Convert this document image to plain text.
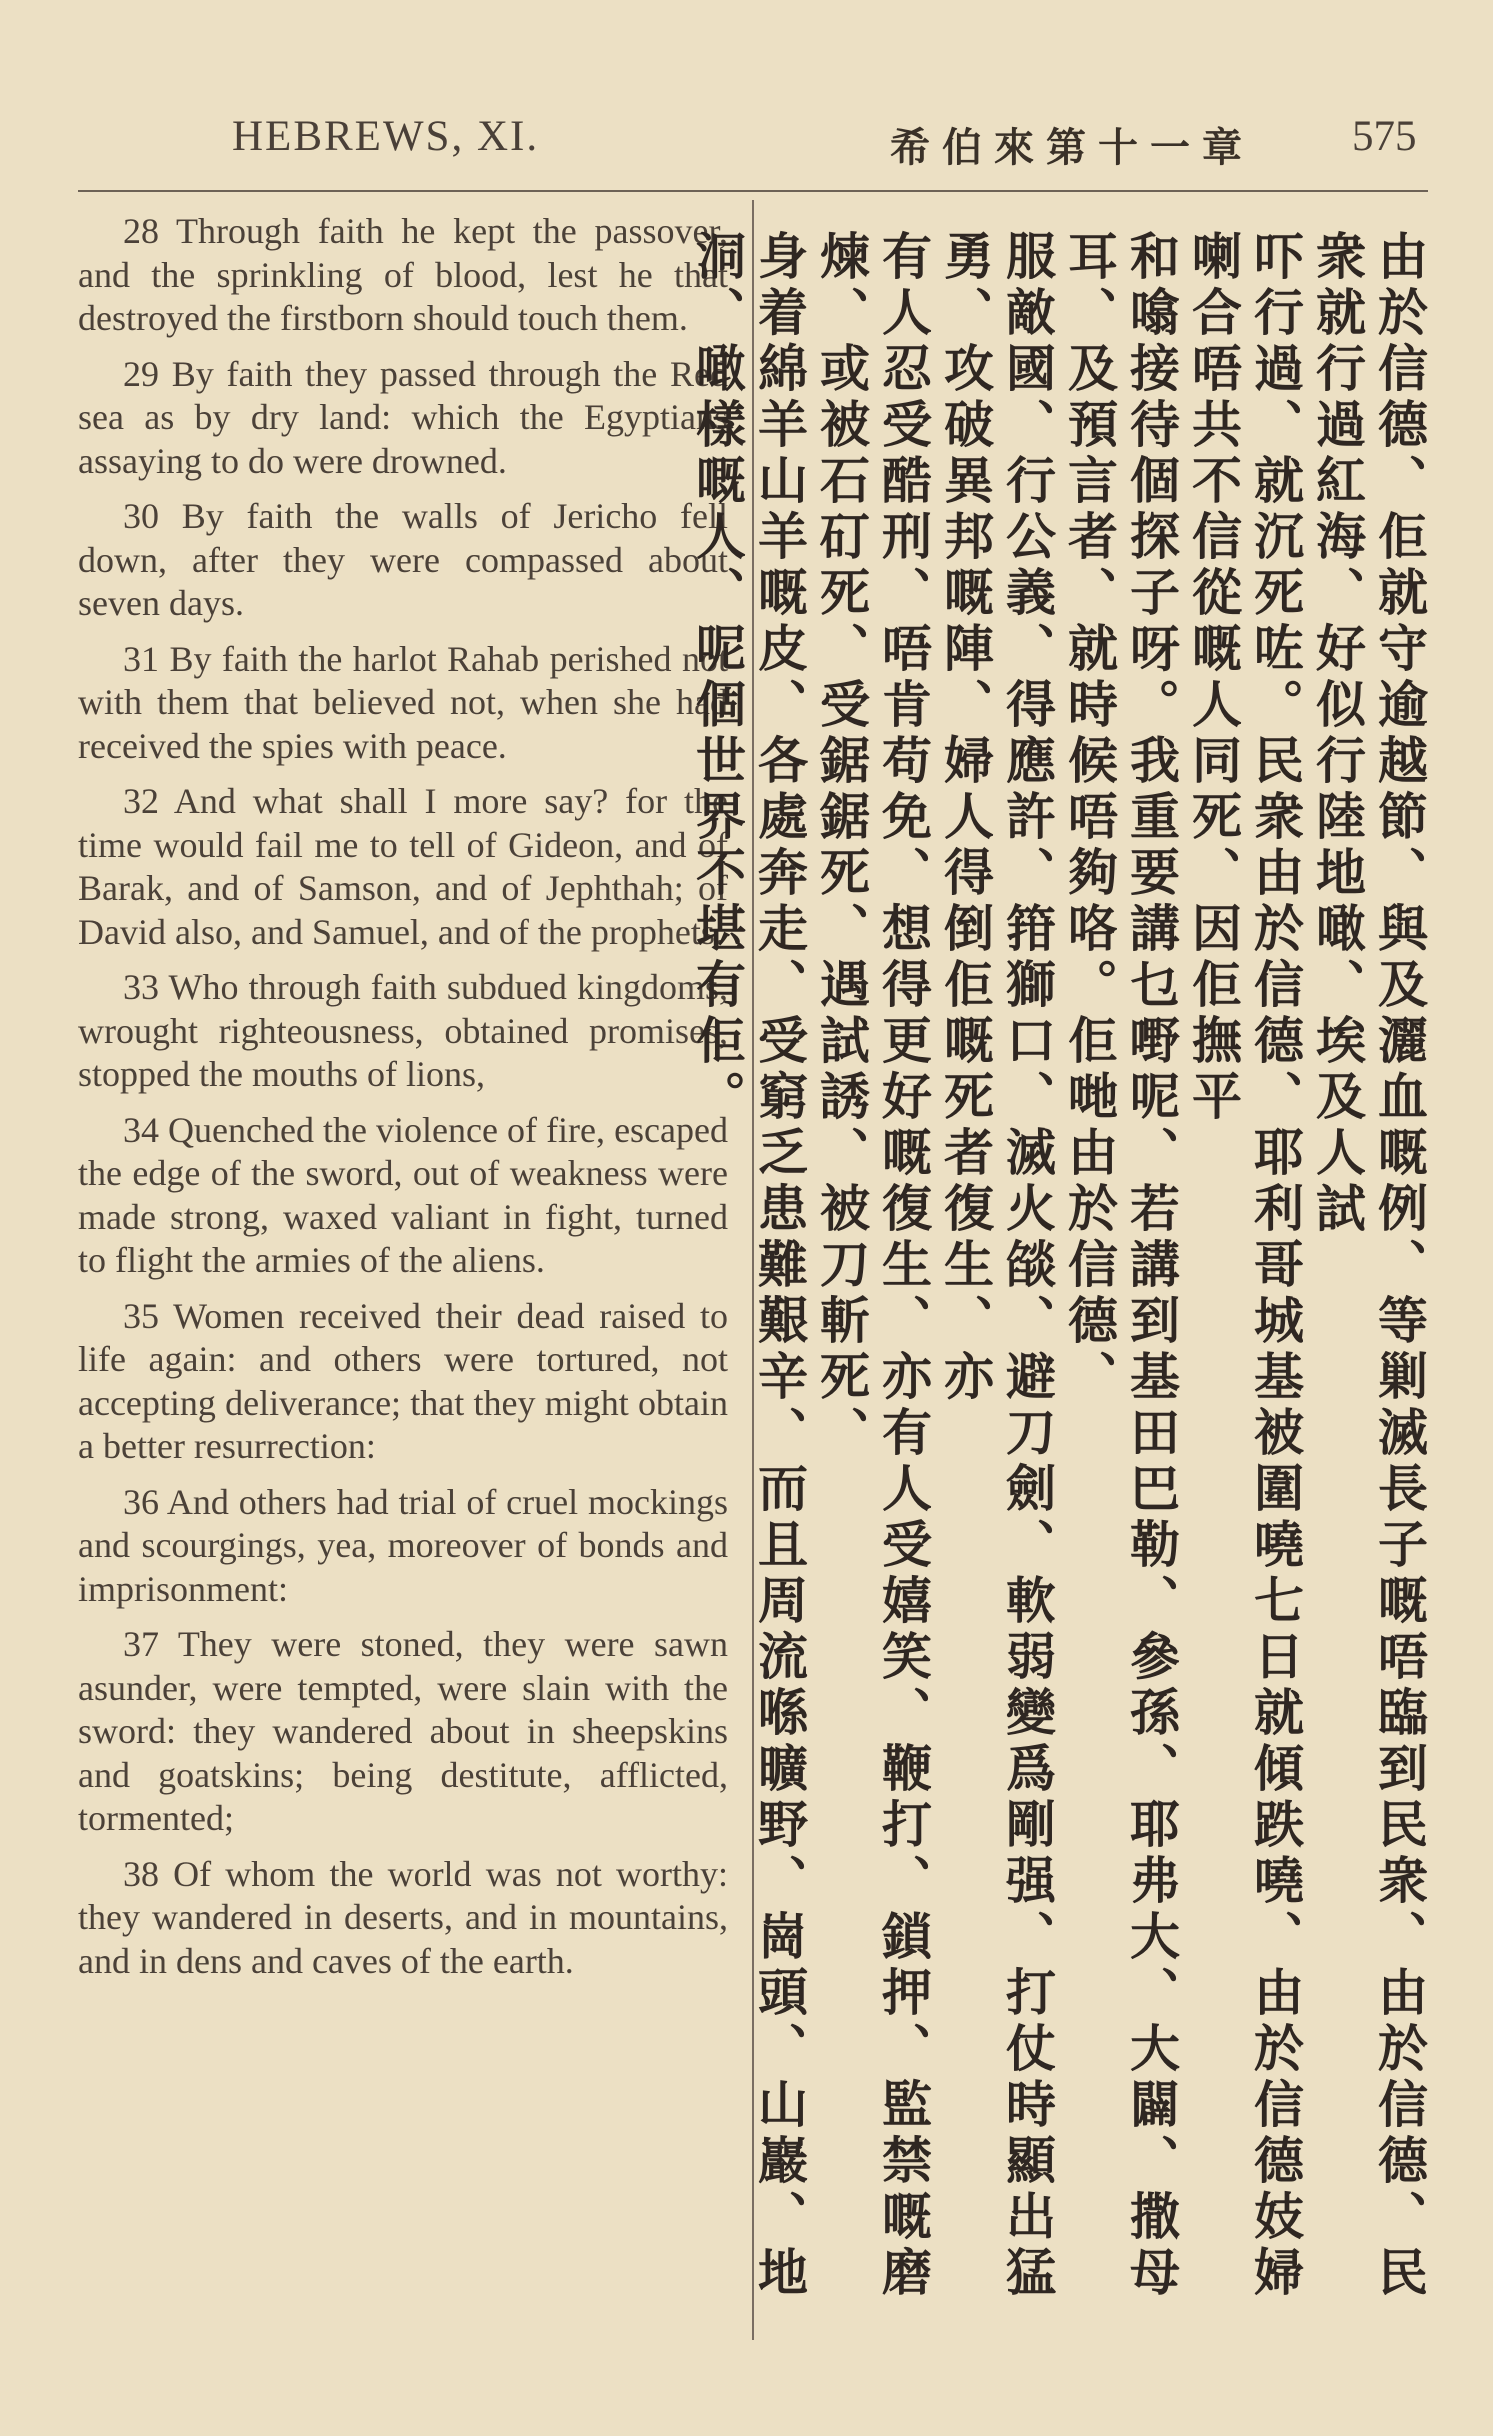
HEBREWS, XI.	希伯來第十一章 575

28 Through faith he kept the passover, and the sprinkling of blood, lest he that destroyed the firstborn should touch them.

29 By faith they passed through the Red sea as by dry land: which the Egyptians assaying to do were drowned.

30 By faith the walls of Jericho fell down, after they were compassed about seven days.

31 By faith the harlot Rahab perished not with them that believed not, when she had received the spies with peace.

32 And what shall I more say? for the time would fail me to tell of Gideon, and of Barak, and of Samson, and of Jephthah; of David also, and Samuel, and of the prophets:

33 Who through faith subdued kingdoms, wrought righteousness, obtained promises, stopped the mouths of lions,

34 Quenched the violence of fire, escaped the edge of the sword, out of weakness were made strong, waxed valiant in fight, turned to flight the armies of the aliens.

35 Women received their dead raised to life again: and others were tortured, not accepting deliverance; that they might obtain a better resurrection:

36 And others had trial of cruel mockings and scourgings, yea, moreover of bonds and imprisonment:

37 They were stoned, they were sawn asunder, were tempted, were slain with the sword: they wandered about in sheepskins and goatskins; being destitute, afflicted, tormented;

38 Of whom the world was not worthy: they wandered in deserts, and in mountains, and in dens and caves of the earth.	由於信德、佢就守逾越節、與及灑血嘅例、等剿滅長子嘅唔臨到民衆、由於信德、民衆就行過紅海、好似行陸地噉、埃及人試
吓行過、就沉死咗。民衆由於信德、耶利哥城基被圍嘵七日就傾跌嘵、由於信德妓婦喇合唔共不信從嘅人同死、因佢撫平
和噏接待個探子呀。我重要講乜嘢呢、若講到基田巴勒、參孫、耶弗大、大闢、撒母耳、及預言者、就時候唔夠咯。佢哋由於信德、
服敵國、行公義、得應許、箝獅口、滅火燄、避刀劍、軟弱變爲剛强、打仗時顯出猛勇、攻破異邦嘅陣、婦人得倒佢嘅死者復生、亦
有人忍受酷刑、唔肯苟免、想得更好嘅復生、亦有人受嬉笑、鞭打、鎖押、監禁嘅磨煉、或被石矴死、受鋸鋸死、遇試誘、被刀斬死、
身着綿羊山羊嘅皮、各處奔走、受窮乏患難艱辛、而且周流喺曠野、崗頭、山巖、地洞、噉樣嘅人、呢個世界不堪有佢。
